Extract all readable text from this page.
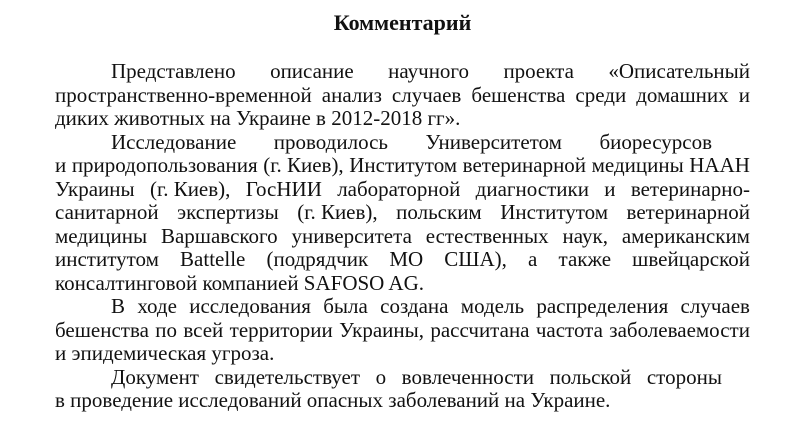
Комментарий
Представлено описание научного проекта «Описательный
пространственно-временной анализ случаев бешенства среди домашних и
диких животных на Украине в 2012-2018 гг».
Исследование проводилось Университетом биоресурсов
и природопользования (г. Киев), Институтом ветеринарной медицины НААН
Украины (г. Киев), ГосНИИ лабораторной диагностики и ветеринарно-
санитарной экспертизы (г. Киев), польским Институтом ветеринарной
медицины Варшавского университета естественных наук, американским
институтом Battelle (подрядчик МО США), а также швейцарской
консалтинговой компанией SAFOSO AG.
В ходе исследования была создана модель распределения случаев
бешенства по всей территории Украины, рассчитана частота заболеваемости
и эпидемическая угроза.
Документ свидетельствует о вовлеченности польской стороны
в проведение исследований опасных заболеваний на Украине.
